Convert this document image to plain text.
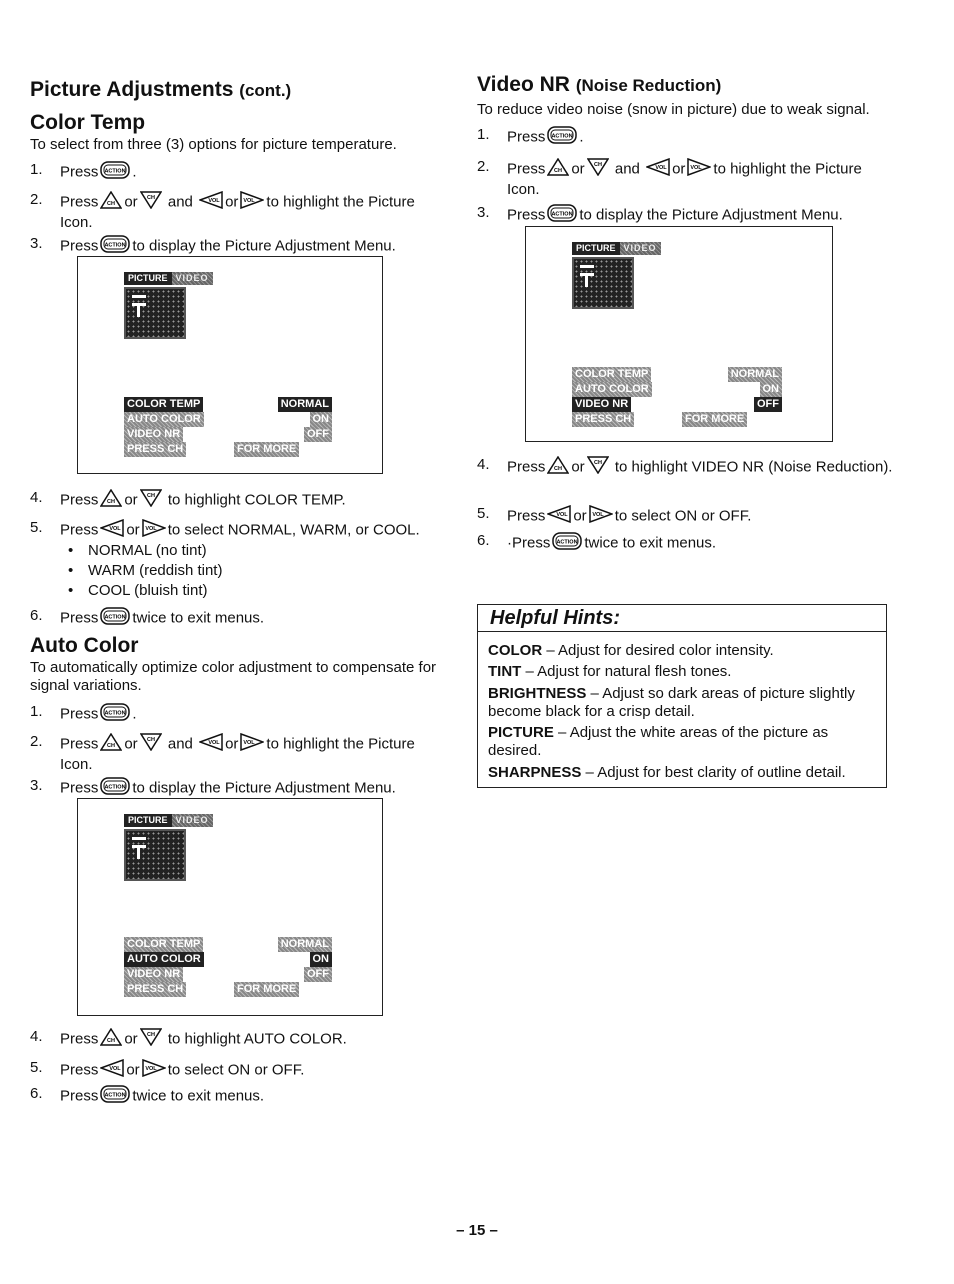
Picture Adjustments (cont.)
Color Temp
To select from three (3) options for picture temperature.
1.	Press ACTION .
2.	Press CH or CH and	VOL or VOL to highlight the Picture Icon.
3.	Press ACTION to display the Picture Adjustment Menu.
PICTURE VIDEO
COLOR TEMP	NORMAL
AUTO COLOR	ON
VIDEO NR	OFF
PRESS CH	FOR MORE
4.	Press CH or CH to highlight COLOR TEMP.
5.	Press VOL or VOL to select NORMAL, WARM, or COOL.
NORMAL (no tint)
WARM (reddish tint)
COOL (bluish tint)
6.	Press ACTION twice to exit menus.
Auto Color
To automatically optimize color adjustment to compensate for signal variations.
1.	Press ACTION .
2.	Press CH or CH and	VOL or VOL to highlight the Picture Icon.
3.	Press ACTION to display the Picture Adjustment Menu.
PICTURE VIDEO
COLOR TEMP	NORMAL
AUTO COLOR	ON
VIDEO NR	OFF
PRESS CH	FOR MORE
4.	Press CH or CH to highlight AUTO COLOR.
5.	Press VOL or VOL to select ON or OFF.
6.	Press ACTION twice to exit menus.
Video NR (Noise Reduction)
To reduce video noise (snow in picture) due to weak signal.
1.	Press ACTION .
2.	Press CH or CH and	VOL or VOL to highlight the Picture Icon.
3.	Press ACTION to display the Picture Adjustment Menu.
PICTURE VIDEO
COLOR TEMP	NORMAL
AUTO COLOR	ON
VIDEO NR	OFF
PRESS CH	FOR MORE
4.	Press CH or CH to highlight VIDEO NR (Noise Reduction).
5.	Press VOL or VOL to select ON or OFF.
6.	·Press ACTION twice to exit menus.
Helpful Hints:
COLOR – Adjust for desired color intensity.
TINT – Adjust for natural flesh tones.
BRIGHTNESS – Adjust so dark areas of picture slightly become black for a crisp detail.
PICTURE – Adjust the white areas of the picture as desired.
SHARPNESS – Adjust for best clarity of outline detail.
– 15 –
